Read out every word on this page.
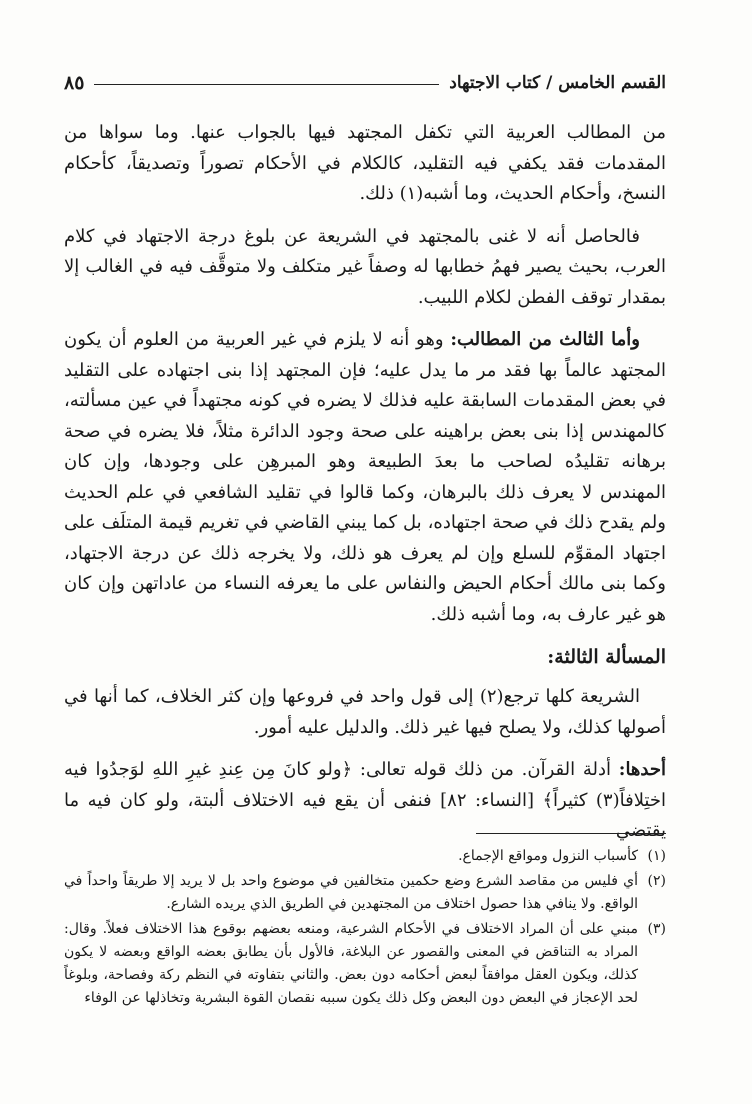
القسم الخامس / كتاب الاجتهاد
٨٥

من المطالب العربية التي تكفل المجتهد فيها بالجواب عنها. وما سواها من المقدمات فقد يكفي فيه التقليد، كالكلام في الأحكام تصوراً وتصديقاً، كأحكام النسخ، وأحكام الحديث، وما أشبه(١) ذلك.

فالحاصل أنه لا غنى بالمجتهد في الشريعة عن بلوغ درجة الاجتهاد في كلام العرب، بحيث يصير فهمُ خطابها له وصفاً غير متكلف ولا متوقَّف فيه في الغالب إلا بمقدار توقف الفطن لكلام اللبيب.

وأما الثالث من المطالب: وهو أنه لا يلزم في غير العربية من العلوم أن يكون المجتهد عالماً بها فقد مر ما يدل عليه؛ فإن المجتهد إذا بنى اجتهاده على التقليد في بعض المقدمات السابقة عليه فذلك لا يضره في كونه مجتهداً في عين مسألته، كالمهندس إذا بنى بعض براهينه على صحة وجود الدائرة مثلاً، فلا يضره في صحة برهانه تقليدُه لصاحب ما بعدَ الطبيعة وهو المبرهِن على وجودها، وإن كان المهندس لا يعرف ذلك بالبرهان، وكما قالوا في تقليد الشافعي في علم الحديث ولم يقدح ذلك في صحة اجتهاده، بل كما يبني القاضي في تغريم قيمة المتلَف على اجتهاد المقوِّم للسلع وإن لم يعرف هو ذلك، ولا يخرجه ذلك عن درجة الاجتهاد، وكما بنى مالك أحكام الحيض والنفاس على ما يعرفه النساء من عاداتهن وإن كان هو غير عارف به، وما أشبه ذلك.

المسألة الثالثة:

الشريعة كلها ترجع(٢) إلى قول واحد في فروعها وإن كثر الخلاف، كما أنها في أصولها كذلك، ولا يصلح فيها غير ذلك. والدليل عليه أمور.

أحدها: أدلة القرآن. من ذلك قوله تعالى: ﴿ولو كانَ مِن عِندِ غيرِ اللهِ لوَجدُوا فيه اختِلافاً(٣) كثيراً﴾ [النساء: ٨٢] فنفى أن يقع فيه الاختلاف ألبتة، ولو كان فيه ما يقتضي

(١)
كأسباب النزول ومواقع الإجماع.
(٢)
أي فليس من مقاصد الشرع وضع حكمين متخالفين في موضوع واحد بل لا يريد إلا طريقاً واحداً في الواقع. ولا ينافي هذا حصول اختلاف من المجتهدين في الطريق الذي يريده الشارع.
(٣)
مبني على أن المراد الاختلاف في الأحكام الشرعية، ومنعه بعضهم بوقوع هذا الاختلاف فعلاً. وقال: المراد به التناقض في المعنى والقصور عن البلاغة، فالأول بأن يطابق بعضه الواقع وبعضه لا يكون كذلك، ويكون العقل موافقاً لبعض أحكامه دون بعض. والثاني بتفاوته في النظم ركة وفصاحة، وبلوغاً لحد الإعجاز في البعض دون البعض وكل ذلك يكون سببه نقصان القوة البشرية وتخاذلها عن الوفاء
